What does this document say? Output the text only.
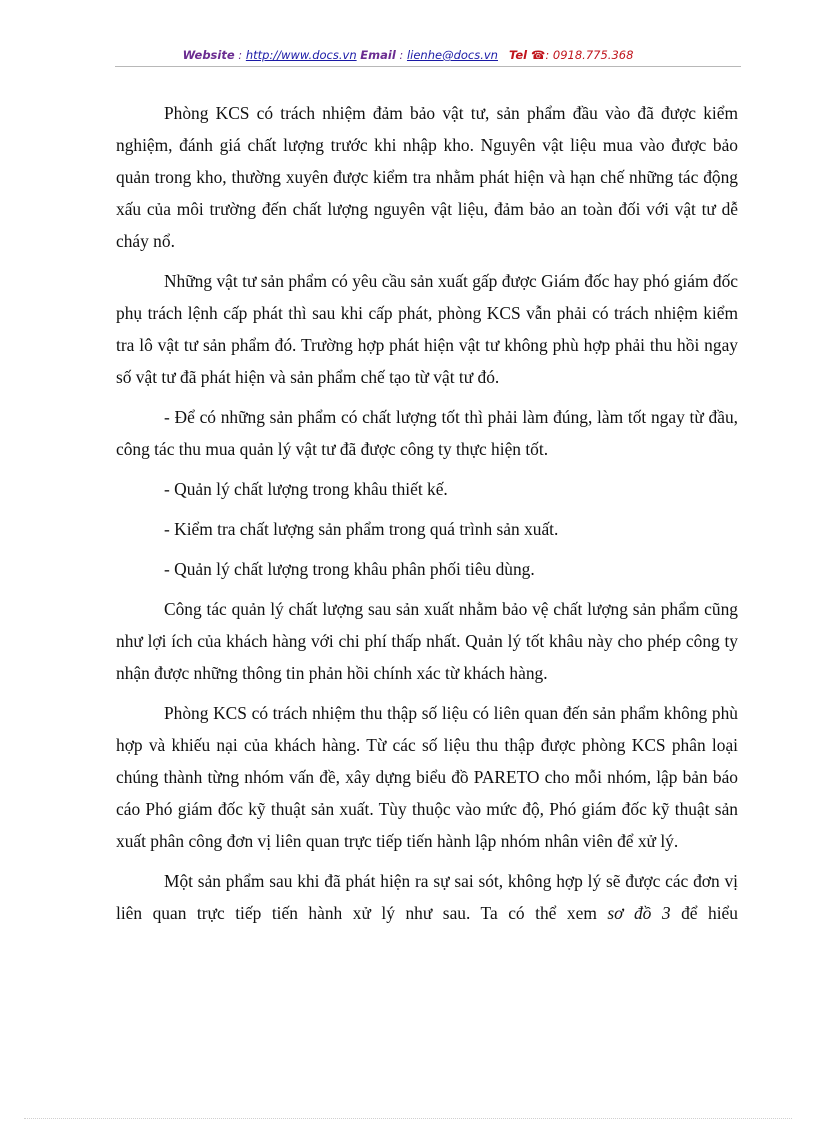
Website : http://www.docs.vn Email : lienhe@docs.vn Tel ☎: 0918.775.368

Phòng KCS có trách nhiệm đảm bảo vật tư, sản phẩm đầu vào đã được kiểm nghiệm, đánh giá chất lượng trước khi nhập kho. Nguyên vật liệu mua vào được bảo quản trong kho, thường xuyên được kiểm tra nhằm phát hiện và hạn chế những tác động xấu của môi trường đến chất lượng nguyên vật liệu, đảm bảo an toàn đối với vật tư dễ cháy nổ.

Những vật tư sản phẩm có yêu cầu sản xuất gấp được Giám đốc hay phó giám đốc phụ trách lệnh cấp phát thì sau khi cấp phát, phòng KCS vẫn phải có trách nhiệm kiểm tra lô vật tư sản phẩm đó. Trường hợp phát hiện vật tư không phù hợp phải thu hồi ngay số vật tư đã phát hiện và sản phẩm chế tạo từ vật tư đó.

- Để có những sản phẩm có chất lượng tốt thì phải làm đúng, làm tốt ngay từ đầu, công tác thu mua quản lý vật tư đã được công ty thực hiện tốt.

- Quản lý chất lượng trong khâu thiết kế.

- Kiểm tra chất lượng sản phẩm trong quá trình sản xuất.

- Quản lý chất lượng trong khâu phân phối tiêu dùng.

Công tác quản lý chất lượng sau sản xuất nhằm bảo vệ chất lượng sản phẩm cũng như lợi ích của khách hàng với chi phí thấp nhất. Quản lý tốt khâu này cho phép công ty nhận được những thông tin phản hồi chính xác từ khách hàng.

Phòng KCS có trách nhiệm thu thập số liệu có liên quan đến sản phẩm không phù hợp và khiếu nại của khách hàng. Từ các số liệu thu thập được phòng KCS phân loại chúng thành từng nhóm vấn đề, xây dựng biểu đồ PARETO cho mỗi nhóm, lập bản báo cáo Phó giám đốc kỹ thuật sản xuất. Tùy thuộc vào mức độ, Phó giám đốc kỹ thuật sản xuất phân công đơn vị liên quan trực tiếp tiến hành lập nhóm nhân viên để xử lý.

Một sản phẩm sau khi đã phát hiện ra sự sai sót, không hợp lý sẽ được các đơn vị liên quan trực tiếp tiến hành xử lý như sau. Ta có thể xem sơ đồ 3 để hiểu
